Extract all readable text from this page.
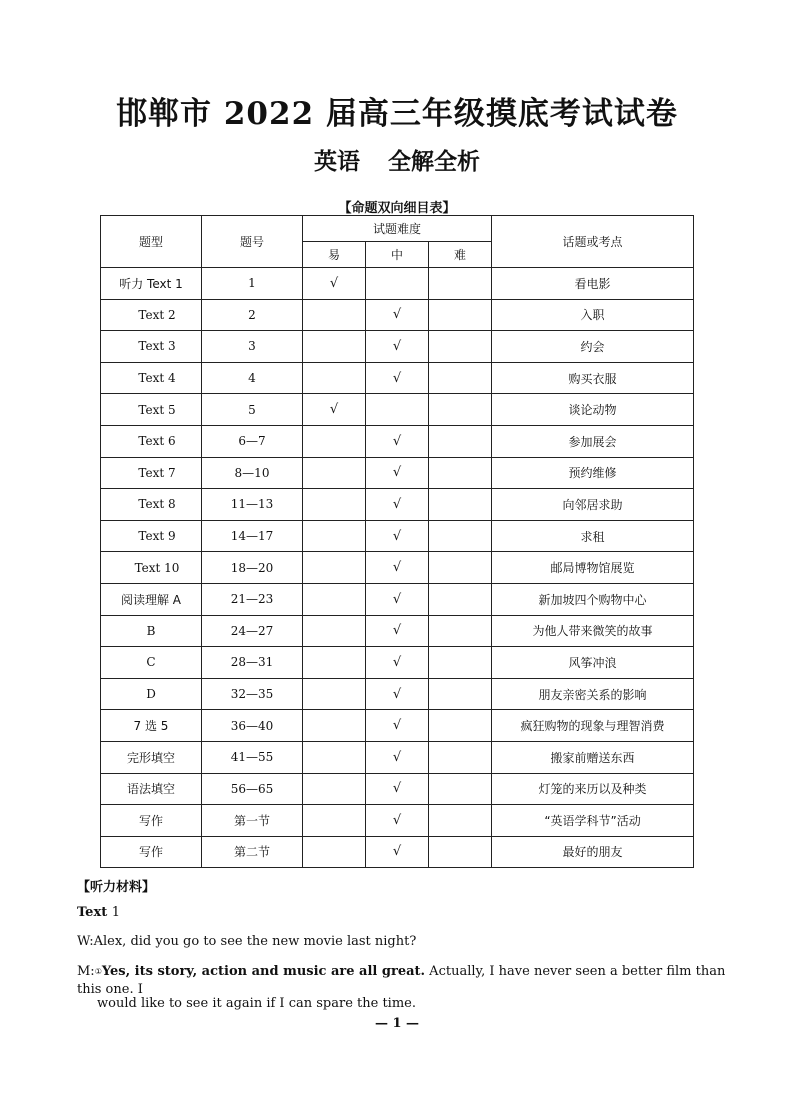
邯郸市 2022 届高三年级摸底考试试卷
英语 全解全析
【命题双向细目表】
题型	题号	试题难度			话题或考点
		易	中	难	
听力 Text 1	1	√			看电影
Text 2	2		√		入职
Text 3	3		√		约会
Text 4	4		√		购买衣服
Text 5	5	√			谈论动物
Text 6	6—7		√		参加展会
Text 7	8—10		√		预约维修
Text 8	11—13		√		向邻居求助
Text 9	14—17		√		求租
Text 10	18—20		√		邮局博物馆展览
阅读理解 A	21—23		√		新加坡四个购物中心
B	24—27		√		为他人带来微笑的故事
C	28—31		√		风筝冲浪
D	32—35		√		朋友亲密关系的影响
7 选 5	36—40		√		疯狂购物的现象与理智消费
完形填空	41—55		√		搬家前赠送东西
语法填空	56—65		√		灯笼的来历以及种类
写作	第一节		√		“英语学科节”活动
写作	第二节		√		最好的朋友
【听力材料】
Text 1
W:Alex, did you go to see the new movie last night?
M:①Yes, its story, action and music are all great. Actually, I have never seen a better film than this one. I
would like to see it again if I can spare the time.
— 1 —
